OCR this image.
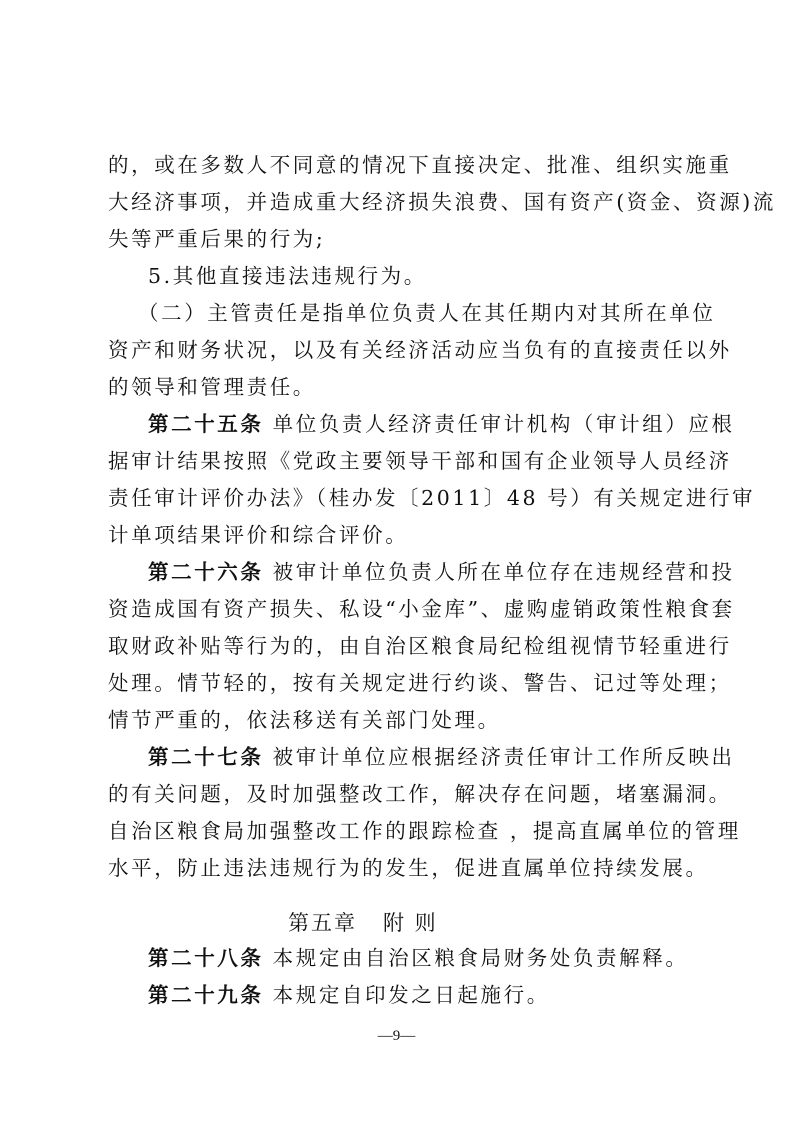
的，或在多数人不同意的情况下直接决定、批准、组织实施重
大经济事项，并造成重大经济损失浪费、国有资产(资金、资源)流
失等严重后果的行为;
5.其他直接违法违规行为。
（二）主管责任是指单位负责人在其任期内对其所在单位
资产和财务状况，以及有关经济活动应当负有的直接责任以外
的领导和管理责任。
第二十五条 单位负责人经济责任审计机构（审计组）应根
据审计结果按照《党政主要领导干部和国有企业领导人员经济
责任审计评价办法》（桂办发〔2011〕48 号）有关规定进行审
计单项结果评价和综合评价。
第二十六条 被审计单位负责人所在单位存在违规经营和投
资造成国有资产损失、私设“小金库”、虚购虚销政策性粮食套
取财政补贴等行为的，由自治区粮食局纪检组视情节轻重进行
处理。情节轻的，按有关规定进行约谈、警告、记过等处理；
情节严重的，依法移送有关部门处理。
第二十七条 被审计单位应根据经济责任审计工作所反映出
的有关问题，及时加强整改工作，解决存在问题，堵塞漏洞。
自治区粮食局加强整改工作的跟踪检查 ，提高直属单位的管理
水平，防止违法违规行为的发生，促进直属单位持续发展。
第五章 附 则
第二十八条 本规定由自治区粮食局财务处负责解释。
第二十九条 本规定自印发之日起施行。
—9—
